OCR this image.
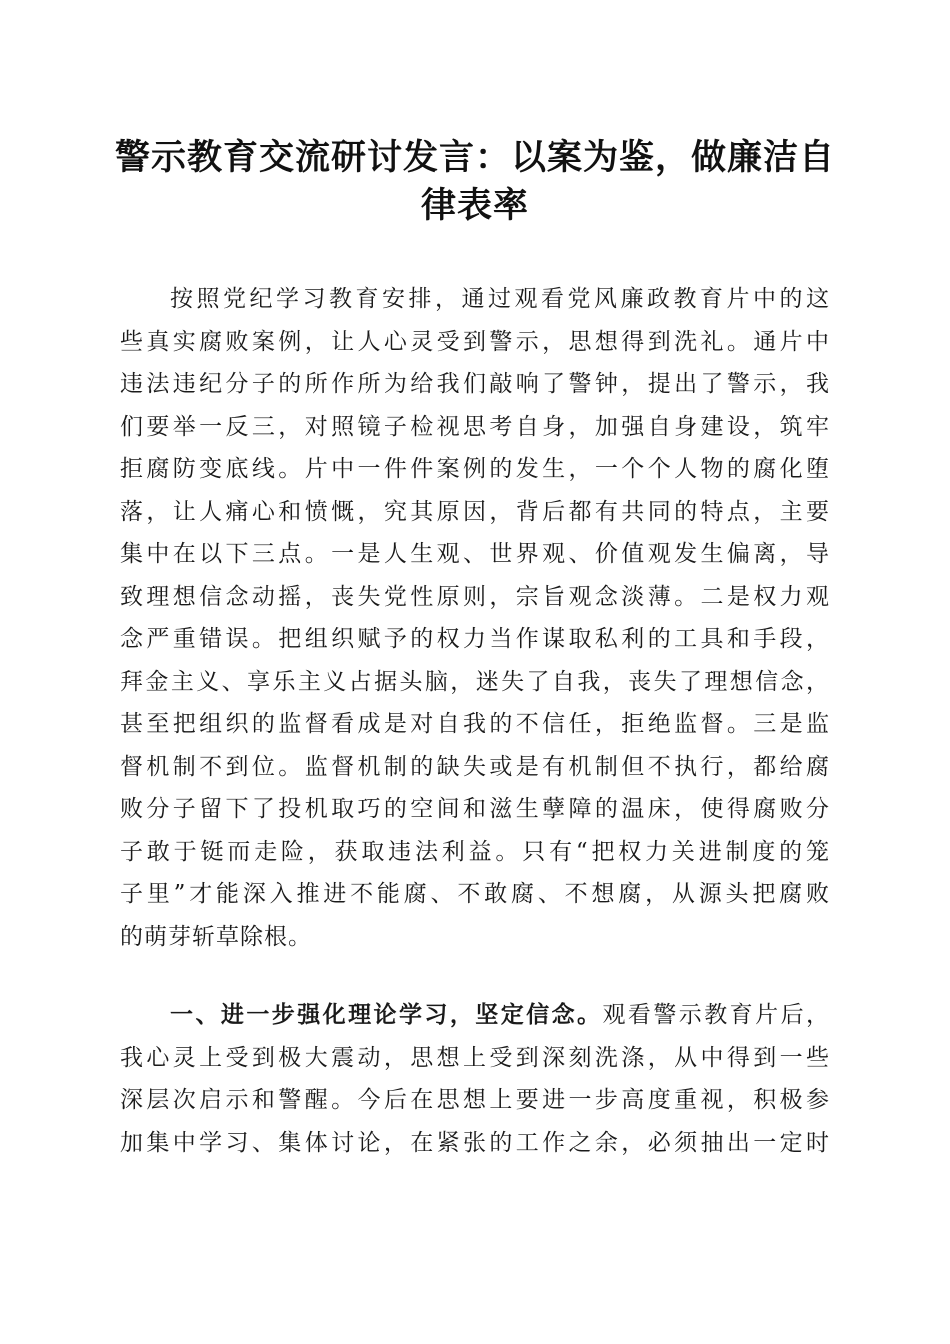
警示教育交流研讨发言：以案为鉴，做廉洁自
律表率
按照党纪学习教育安排，通过观看党风廉政教育片中的这
些真实腐败案例，让人心灵受到警示，思想得到洗礼。通片中
违法违纪分子的所作所为给我们敲响了警钟，提出了警示，我
们要举一反三，对照镜子检视思考自身，加强自身建设，筑牢
拒腐防变底线。片中一件件案例的发生，一个个人物的腐化堕
落，让人痛心和愤慨，究其原因，背后都有共同的特点，主要
集中在以下三点。一是人生观、世界观、价值观发生偏离，导
致理想信念动摇，丧失党性原则，宗旨观念淡薄。二是权力观
念严重错误。把组织赋予的权力当作谋取私利的工具和手段，
拜金主义、享乐主义占据头脑，迷失了自我，丧失了理想信念，
甚至把组织的监督看成是对自我的不信任，拒绝监督。三是监
督机制不到位。监督机制的缺失或是有机制但不执行，都给腐
败分子留下了投机取巧的空间和滋生孽障的温床，使得腐败分
子敢于铤而走险，获取违法利益。只有“把权力关进制度的笼
子里”才能深入推进不能腐、不敢腐、不想腐，从源头把腐败
的萌芽斩草除根。
一、进一步强化理论学习，坚定信念。观看警示教育片后，
我心灵上受到极大震动，思想上受到深刻洗涤，从中得到一些
深层次启示和警醒。今后在思想上要进一步高度重视，积极参
加集中学习、集体讨论，在紧张的工作之余，必须抽出一定时
